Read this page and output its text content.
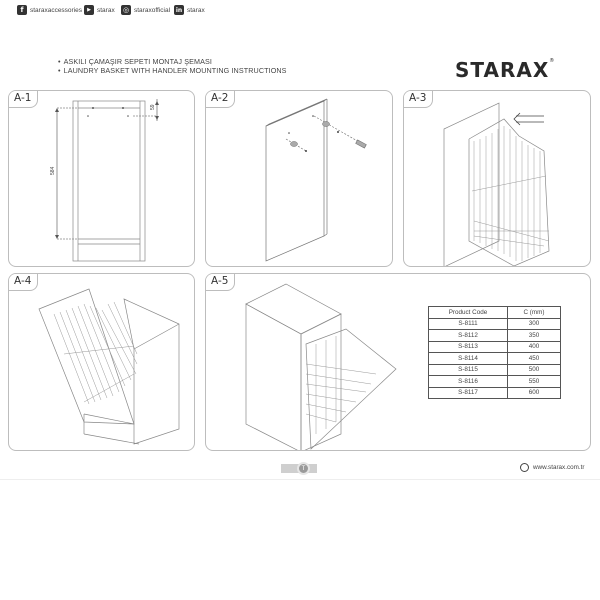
• ASKILI ÇAMAŞIR SEPETI MONTAJ ŞEMASI
• LAUNDRY BASKET WITH HANDLER MOUNTING INSTRUCTIONS	STARAX®
584
59
A-1	A-2	A-3
A-4	A-5
Product Code	C (mm)
S-8111	300
S-8112	350
S-8113	400
S-8114	450
S-8115	500
S-8116	550
S-8117	600
f staraxaccessories	▶ starax ◎ staraxofficial in starax
T	www.starax.com.tr
